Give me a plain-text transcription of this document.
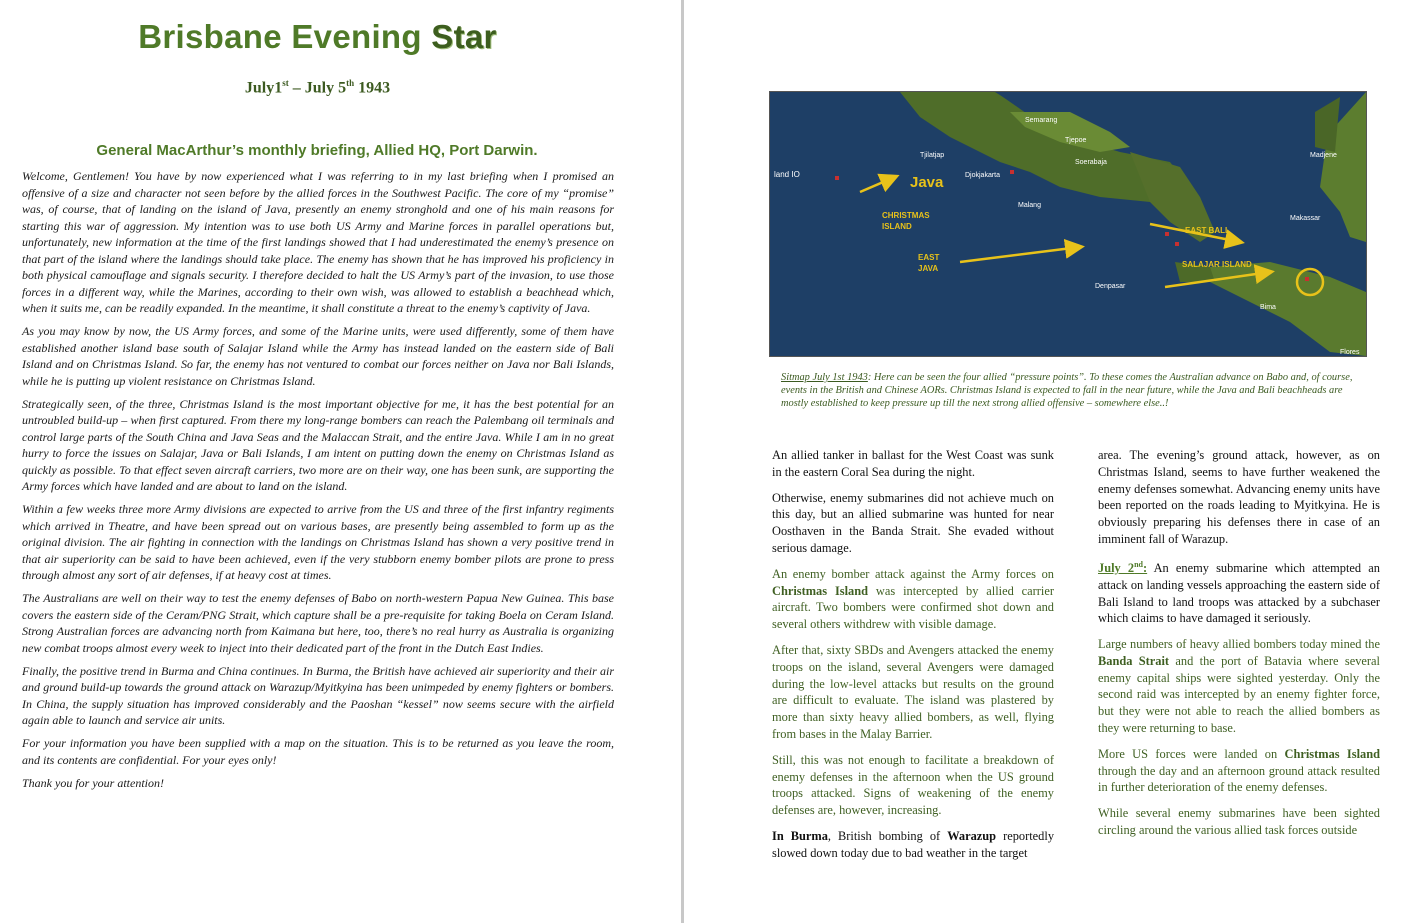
Brisbane Evening Star
July1st – July 5th 1943
General MacArthur’s monthly briefing, Allied HQ, Port Darwin.

Welcome, Gentlemen! You have by now experienced what I was referring to in my last briefing when I promised an offensive of a size and character not seen before by the allied forces in the Southwest Pacific. The core of my “promise” was, of course, that of landing on the island of Java, presently an enemy stronghold and one of his main reasons for starting this war of aggression. My intention was to use both US Army and Marine forces in parallel operations but, unfortunately, new information at the time of the first landings showed that I had underestimated the enemy’s presence on that part of the island where the landings should take place. The enemy has shown that he has improved his proficiency in both physical camouflage and signals security. I therefore decided to halt the US Army’s part of the invasion, to use those forces in a different way, while the Marines, according to their own wish, was allowed to establish a beachhead which, when it suits me, can be readily expanded. In the meantime, it shall constitute a threat to the enemy’s captivity of Java.

As you may know by now, the US Army forces, and some of the Marine units, were used differently, some of them have established another island base south of Salajar Island while the Army has instead landed on the eastern side of Bali Island and on Christmas Island. So far, the enemy has not ventured to combat our forces neither on Java nor Bali Islands, while he is putting up violent resistance on Christmas Island.

Strategically seen, of the three, Christmas Island is the most important objective for me, it has the best potential for an untroubled build-up – when first captured. From there my long-range bombers can reach the Palembang oil terminals and control large parts of the South China and Java Seas and the Malaccan Strait, and the entire Java. While I am in no great hurry to force the issues on Salajar, Java or Bali Islands, I am intent on putting down the enemy on Christmas Island as quickly as possible. To that effect seven aircraft carriers, two more are on their way, one has been sunk, are supporting the Army forces which have landed and are about to land on the island.

Within a few weeks three more Army divisions are expected to arrive from the US and three of the first infantry regiments which arrived in Theatre, and have been spread out on various bases, are presently being assembled to form up as the original division. The air fighting in connection with the landings on Christmas Island has shown a very positive trend in that air superiority can be said to have been achieved, even if the very stubborn enemy bomber pilots are prone to press through almost any sort of air defenses, if at heavy cost at times.

The Australians are well on their way to test the enemy defenses of Babo on north-western Papua New Guinea. This base covers the eastern side of the Ceram/PNG Strait, which capture shall be a pre-requisite for taking Boela on Ceram Island. Strong Australian forces are advancing north from Kaimana but here, too, there’s no real hurry as Australia is organizing new combat troops almost every week to inject into their dedicated part of the front in the Dutch East Indies.

Finally, the positive trend in Burma and China continues. In Burma, the British have achieved air superiority and their air and ground build-up towards the ground attack on Warazup/Myitkyina has been unimpeded by enemy fighters or bombers. In China, the supply situation has improved considerably and the Paoshan “kessel” now seems secure with the airfield again able to launch and service air units.

For your information you have been supplied with a map on the situation. This is to be returned as you leave the room, and its contents are confidential. For your eyes only!

Thank you for your attention!

land IO	Java
Semarang
Tjepoe
Tjilatjap
Djokjakarta
Soerabaja
Malang
Madjene
Makassar
Denpasar
Bima
Flores
CHRISTMAS
ISLAND
EAST
JAVA
EAST BALI
SALAJAR ISLAND
Sitmap July 1st 1943: Here can be seen the four allied “pressure points”. To these comes the Australian advance on Babo and, of course, events in the British and Chinese AORs. Christmas Island is expected to fall in the near future, while the Java and Bali beachheads are mostly established to keep pressure up till the next strong allied offensive – somewhere else..!

An allied tanker in ballast for the West Coast was sunk in the eastern Coral Sea during the night.

Otherwise, enemy submarines did not achieve much on this day, but an allied submarine was hunted for near Oosthaven in the Banda Strait. She evaded without serious damage.

An enemy bomber attack against the Army forces on Christmas Island was intercepted by allied carrier aircraft. Two bombers were confirmed shot down and several others withdrew with visible damage.

After that, sixty SBDs and Avengers attacked the enemy troops on the island, several Avengers were damaged during the low-level attacks but results on the ground are difficult to evaluate. The island was plastered by more than sixty heavy allied bombers, as well, flying from bases in the Malay Barrier.

Still, this was not enough to facilitate a breakdown of enemy defenses in the afternoon when the US ground troops attacked. Signs of weakening of the enemy defenses are, however, increasing.

In Burma, British bombing of Warazup reportedly slowed down today due to bad weather in the target

area. The evening’s ground attack, however, as on Christmas Island, seems to have further weakened the enemy defenses somewhat. Advancing enemy units have been reported on the roads leading to Myitkyina. He is obviously preparing his defenses there in case of an imminent fall of Warazup.

July 2nd: An enemy submarine which attempted an attack on landing vessels approaching the eastern side of Bali Island to land troops was attacked by a subchaser which claims to have damaged it seriously.

Large numbers of heavy allied bombers today mined the Banda Strait and the port of Batavia where several enemy capital ships were sighted yesterday. Only the second raid was intercepted by an enemy fighter force, but they were not able to reach the allied bombers as they were returning to base.

More US forces were landed on Christmas Island through the day and an afternoon ground attack resulted in further deterioration of the enemy defenses.

While several enemy submarines have been sighted circling around the various allied task forces outside
